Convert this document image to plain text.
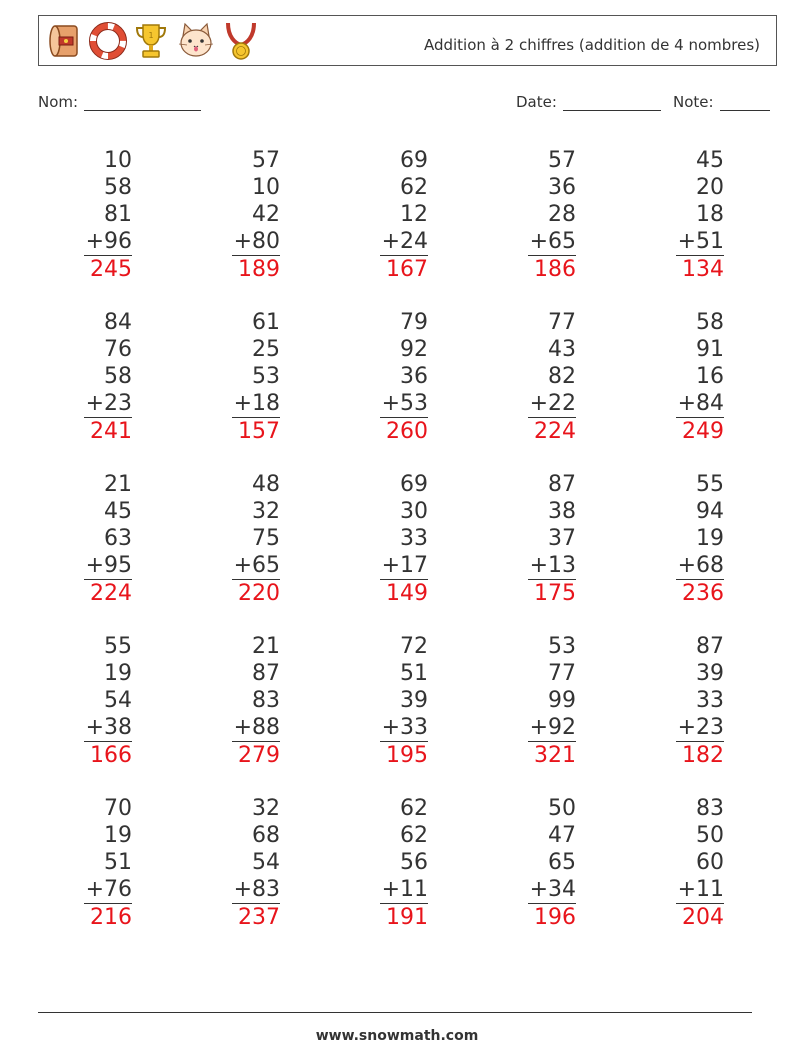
1
Addition à 2 chiffres (addition de 4 nombres)
Nom:	Date:	Note:
10
58
81
+96
245
57
10
42
+80
189
69
62
12
+24
167
57
36
28
+65
186
45
20
18
+51
134
84
76
58
+23
241
61
25
53
+18
157
79
92
36
+53
260
77
43
82
+22
224
58
91
16
+84
249
21
45
63
+95
224
48
32
75
+65
220
69
30
33
+17
149
87
38
37
+13
175
55
94
19
+68
236
55
19
54
+38
166
21
87
83
+88
279
72
51
39
+33
195
53
77
99
+92
321
87
39
33
+23
182
70
19
51
+76
216
32
68
54
+83
237
62
62
56
+11
191
50
47
65
+34
196
83
50
60
+11
204
www.snowmath.com
